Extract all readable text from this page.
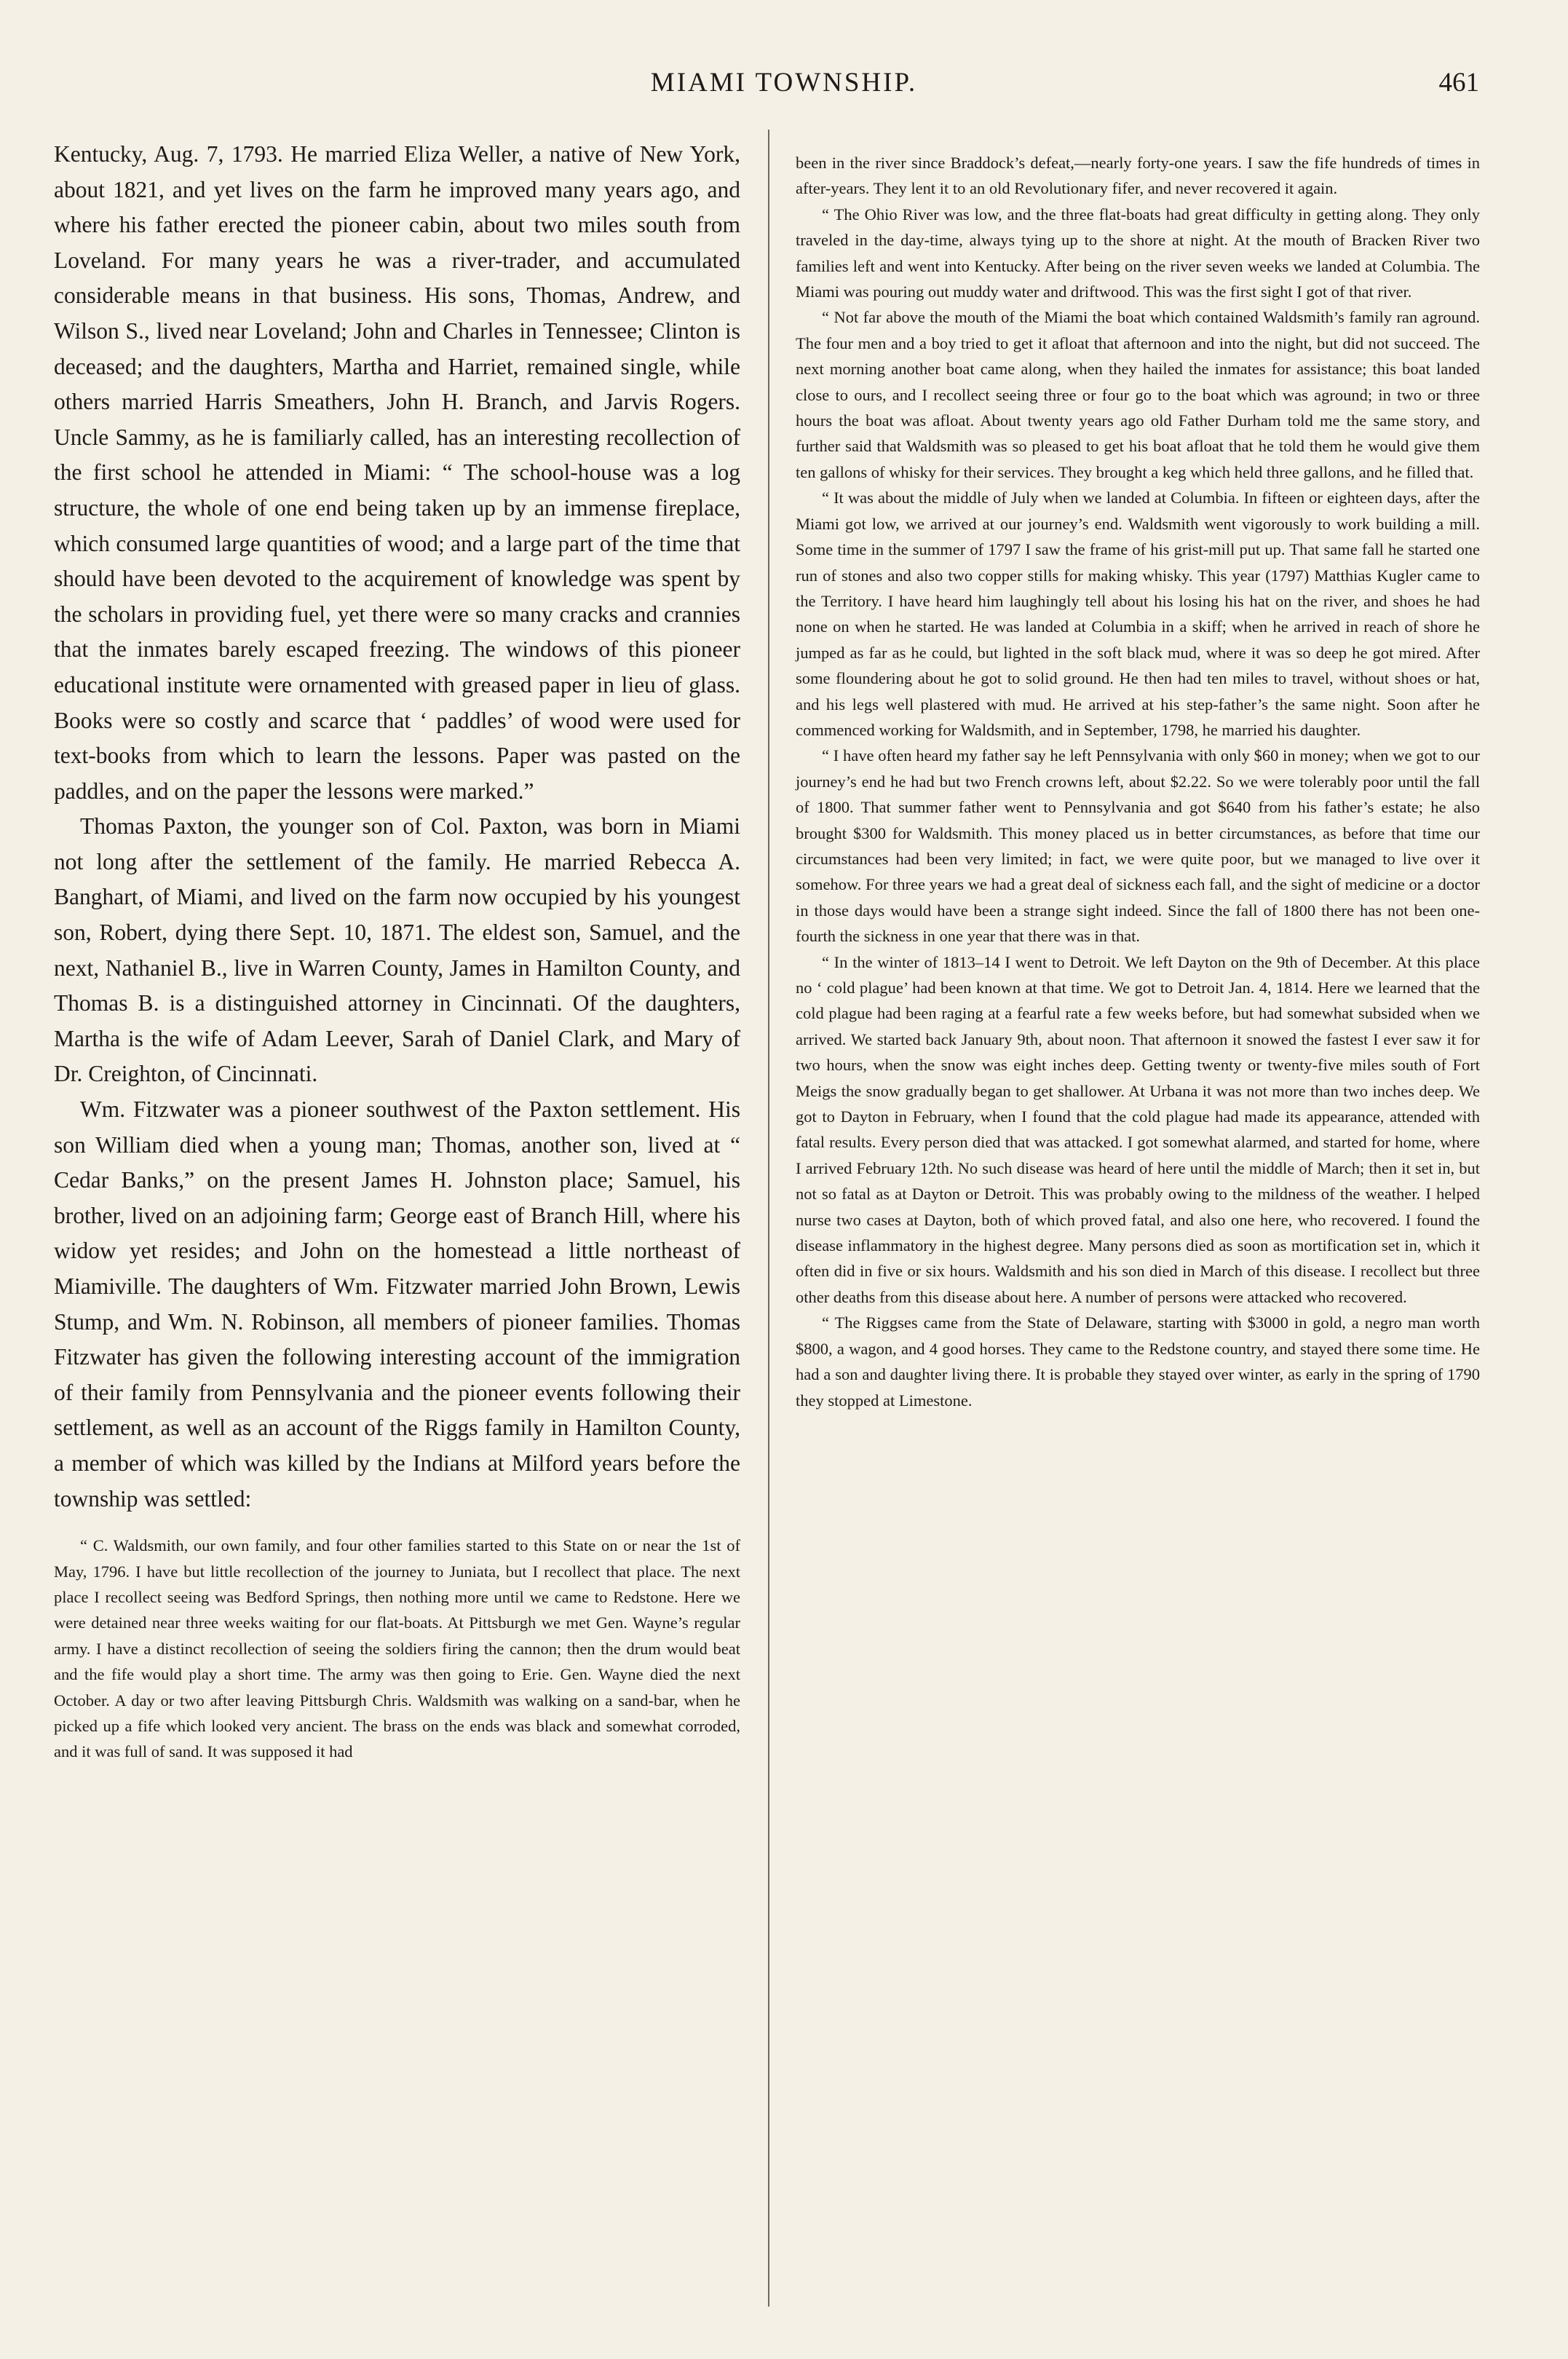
MIAMI TOWNSHIP.	461

Kentucky, Aug. 7, 1793. He married Eliza Weller, a native of New York, about 1821, and yet lives on the farm he improved many years ago, and where his father erected the pioneer cabin, about two miles south from Loveland. For many years he was a river-trader, and accumulated considerable means in that business. His sons, Thomas, Andrew, and Wilson S., lived near Loveland; John and Charles in Tennessee; Clinton is deceased; and the daughters, Martha and Harriet, remained single, while others married Harris Smeathers, John H. Branch, and Jarvis Rogers. Uncle Sammy, as he is familiarly called, has an interesting recollection of the first school he attended in Miami: “ The school-house was a log structure, the whole of one end being taken up by an immense fireplace, which consumed large quantities of wood; and a large part of the time that should have been devoted to the acquirement of knowledge was spent by the scholars in providing fuel, yet there were so many cracks and crannies that the inmates barely escaped freezing. The windows of this pioneer educational institute were ornamented with greased paper in lieu of glass. Books were so costly and scarce that ‘ paddles’ of wood were used for text-books from which to learn the lessons. Paper was pasted on the paddles, and on the paper the lessons were marked.”

Thomas Paxton, the younger son of Col. Paxton, was born in Miami not long after the settlement of the family. He married Rebecca A. Banghart, of Miami, and lived on the farm now occupied by his youngest son, Robert, dying there Sept. 10, 1871. The eldest son, Samuel, and the next, Nathaniel B., live in Warren County, James in Hamilton County, and Thomas B. is a distinguished attorney in Cincinnati. Of the daughters, Martha is the wife of Adam Leever, Sarah of Daniel Clark, and Mary of Dr. Creighton, of Cincinnati.

Wm. Fitzwater was a pioneer southwest of the Paxton settlement. His son William died when a young man; Thomas, another son, lived at “ Cedar Banks,” on the present James H. Johnston place; Samuel, his brother, lived on an adjoining farm; George east of Branch Hill, where his widow yet resides; and John on the homestead a little northeast of Miamiville. The daughters of Wm. Fitzwater married John Brown, Lewis Stump, and Wm. N. Robinson, all members of pioneer families. Thomas Fitzwater has given the following interesting account of the immigration of their family from Pennsylvania and the pioneer events following their settlement, as well as an account of the Riggs family in Hamilton County, a member of which was killed by the Indians at Milford years before the township was settled:

“ C. Waldsmith, our own family, and four other families started to this State on or near the 1st of May, 1796. I have but little recollection of the journey to Juniata, but I recollect that place. The next place I recollect seeing was Bedford Springs, then nothing more until we came to Redstone. Here we were detained near three weeks waiting for our flat-boats. At Pittsburgh we met Gen. Wayne’s regular army. I have a distinct recollection of seeing the soldiers firing the cannon; then the drum would beat and the fife would play a short time. The army was then going to Erie. Gen. Wayne died the next October. A day or two after leaving Pittsburgh Chris. Waldsmith was walking on a sand-bar, when he picked up a fife which looked very ancient. The brass on the ends was black and somewhat corroded, and it was full of sand. It was supposed it had

been in the river since Braddock’s defeat,—nearly forty-one years. I saw the fife hundreds of times in after-years. They lent it to an old Revolutionary fifer, and never recovered it again.

“ The Ohio River was low, and the three flat-boats had great difficulty in getting along. They only traveled in the day-time, always tying up to the shore at night. At the mouth of Bracken River two families left and went into Kentucky. After being on the river seven weeks we landed at Columbia. The Miami was pouring out muddy water and driftwood. This was the first sight I got of that river.

“ Not far above the mouth of the Miami the boat which contained Waldsmith’s family ran aground. The four men and a boy tried to get it afloat that afternoon and into the night, but did not succeed. The next morning another boat came along, when they hailed the inmates for assistance; this boat landed close to ours, and I recollect seeing three or four go to the boat which was aground; in two or three hours the boat was afloat. About twenty years ago old Father Durham told me the same story, and further said that Waldsmith was so pleased to get his boat afloat that he told them he would give them ten gallons of whisky for their services. They brought a keg which held three gallons, and he filled that.

“ It was about the middle of July when we landed at Columbia. In fifteen or eighteen days, after the Miami got low, we arrived at our journey’s end. Waldsmith went vigorously to work building a mill. Some time in the summer of 1797 I saw the frame of his grist-mill put up. That same fall he started one run of stones and also two copper stills for making whisky. This year (1797) Matthias Kugler came to the Territory. I have heard him laughingly tell about his losing his hat on the river, and shoes he had none on when he started. He was landed at Columbia in a skiff; when he arrived in reach of shore he jumped as far as he could, but lighted in the soft black mud, where it was so deep he got mired. After some floundering about he got to solid ground. He then had ten miles to travel, without shoes or hat, and his legs well plastered with mud. He arrived at his step-father’s the same night. Soon after he commenced working for Waldsmith, and in September, 1798, he married his daughter.

“ I have often heard my father say he left Pennsylvania with only $60 in money; when we got to our journey’s end he had but two French crowns left, about $2.22. So we were tolerably poor until the fall of 1800. That summer father went to Pennsylvania and got $640 from his father’s estate; he also brought $300 for Waldsmith. This money placed us in better circumstances, as before that time our circumstances had been very limited; in fact, we were quite poor, but we managed to live over it somehow. For three years we had a great deal of sickness each fall, and the sight of medicine or a doctor in those days would have been a strange sight indeed. Since the fall of 1800 there has not been one-fourth the sickness in one year that there was in that.

“ In the winter of 1813–14 I went to Detroit. We left Dayton on the 9th of December. At this place no ‘ cold plague’ had been known at that time. We got to Detroit Jan. 4, 1814. Here we learned that the cold plague had been raging at a fearful rate a few weeks before, but had somewhat subsided when we arrived. We started back January 9th, about noon. That afternoon it snowed the fastest I ever saw it for two hours, when the snow was eight inches deep. Getting twenty or twenty-five miles south of Fort Meigs the snow gradually began to get shallower. At Urbana it was not more than two inches deep. We got to Dayton in February, when I found that the cold plague had made its appearance, attended with fatal results. Every person died that was attacked. I got somewhat alarmed, and started for home, where I arrived February 12th. No such disease was heard of here until the middle of March; then it set in, but not so fatal as at Dayton or Detroit. This was probably owing to the mildness of the weather. I helped nurse two cases at Dayton, both of which proved fatal, and also one here, who recovered. I found the disease inflammatory in the highest degree. Many persons died as soon as mortification set in, which it often did in five or six hours. Waldsmith and his son died in March of this disease. I recollect but three other deaths from this disease about here. A number of persons were attacked who recovered.

“ The Riggses came from the State of Delaware, starting with $3000 in gold, a negro man worth $800, a wagon, and 4 good horses. They came to the Redstone country, and stayed there some time. He had a son and daughter living there. It is probable they stayed over winter, as early in the spring of 1790 they stopped at Limestone.
